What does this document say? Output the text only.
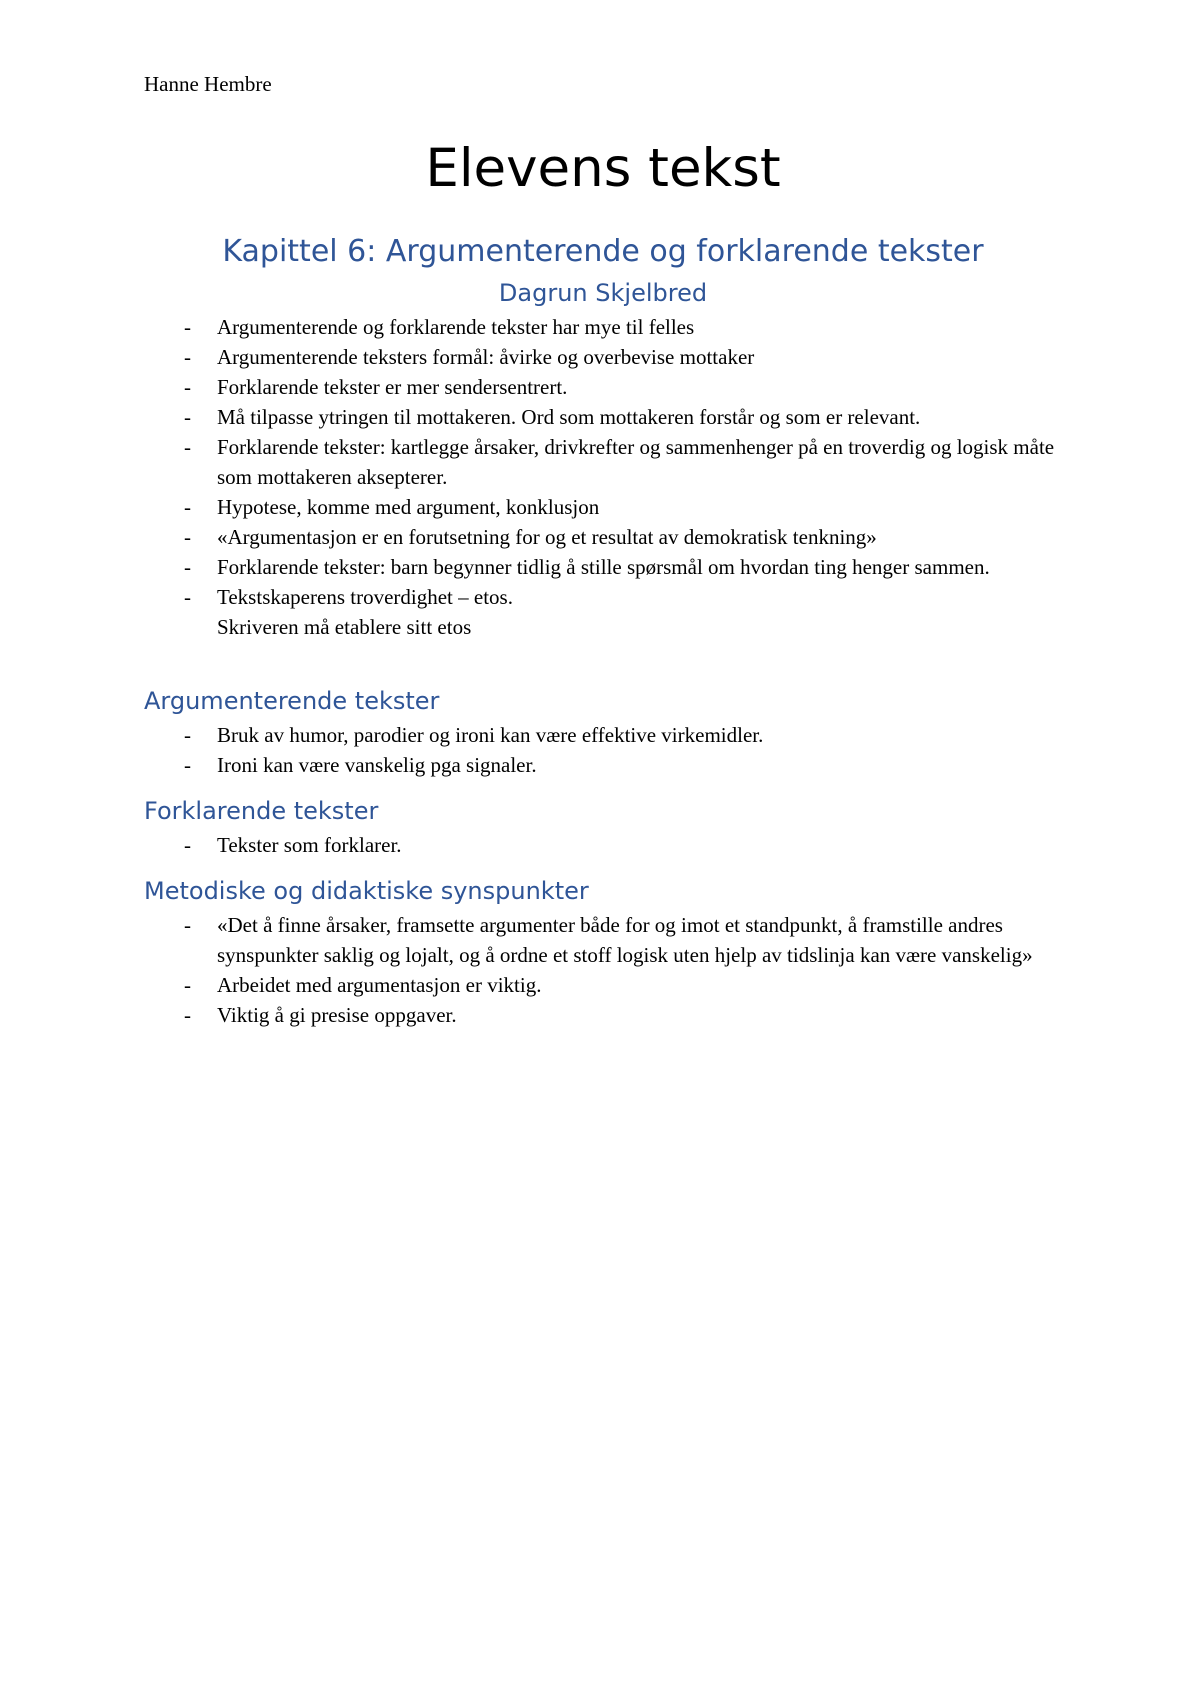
Hanne Hembre
Elevens tekst
Kapittel 6: Argumenterende og forklarende tekster
Dagrun Skjelbred
- Argumenterende og forklarende tekster har mye til felles
- Argumenterende teksters formål: åvirke og overbevise mottaker
- Forklarende tekster er mer sendersentrert.
- Må tilpasse ytringen til mottakeren. Ord som mottakeren forstår og som er relevant.
- Forklarende tekster: kartlegge årsaker, drivkrefter og sammenhenger på en troverdig og logisk måte som mottakeren aksepterer.
- Hypotese, komme med argument, konklusjon
- «Argumentasjon er en forutsetning for og et resultat av demokratisk tenkning»
- Forklarende tekster: barn begynner tidlig å stille spørsmål om hvordan ting henger sammen.
- Tekstskaperens troverdighet – etos.
Skriveren må etablere sitt etos
Argumenterende tekster
- Bruk av humor, parodier og ironi kan være effektive virkemidler.
- Ironi kan være vanskelig pga signaler.
Forklarende tekster
- Tekster som forklarer.
Metodiske og didaktiske synspunkter
- «Det å finne årsaker, framsette argumenter både for og imot et standpunkt, å framstille andres synspunkter saklig og lojalt, og å ordne et stoff logisk uten hjelp av tidslinja kan være vanskelig»
- Arbeidet med argumentasjon er viktig.
- Viktig å gi presise oppgaver.
